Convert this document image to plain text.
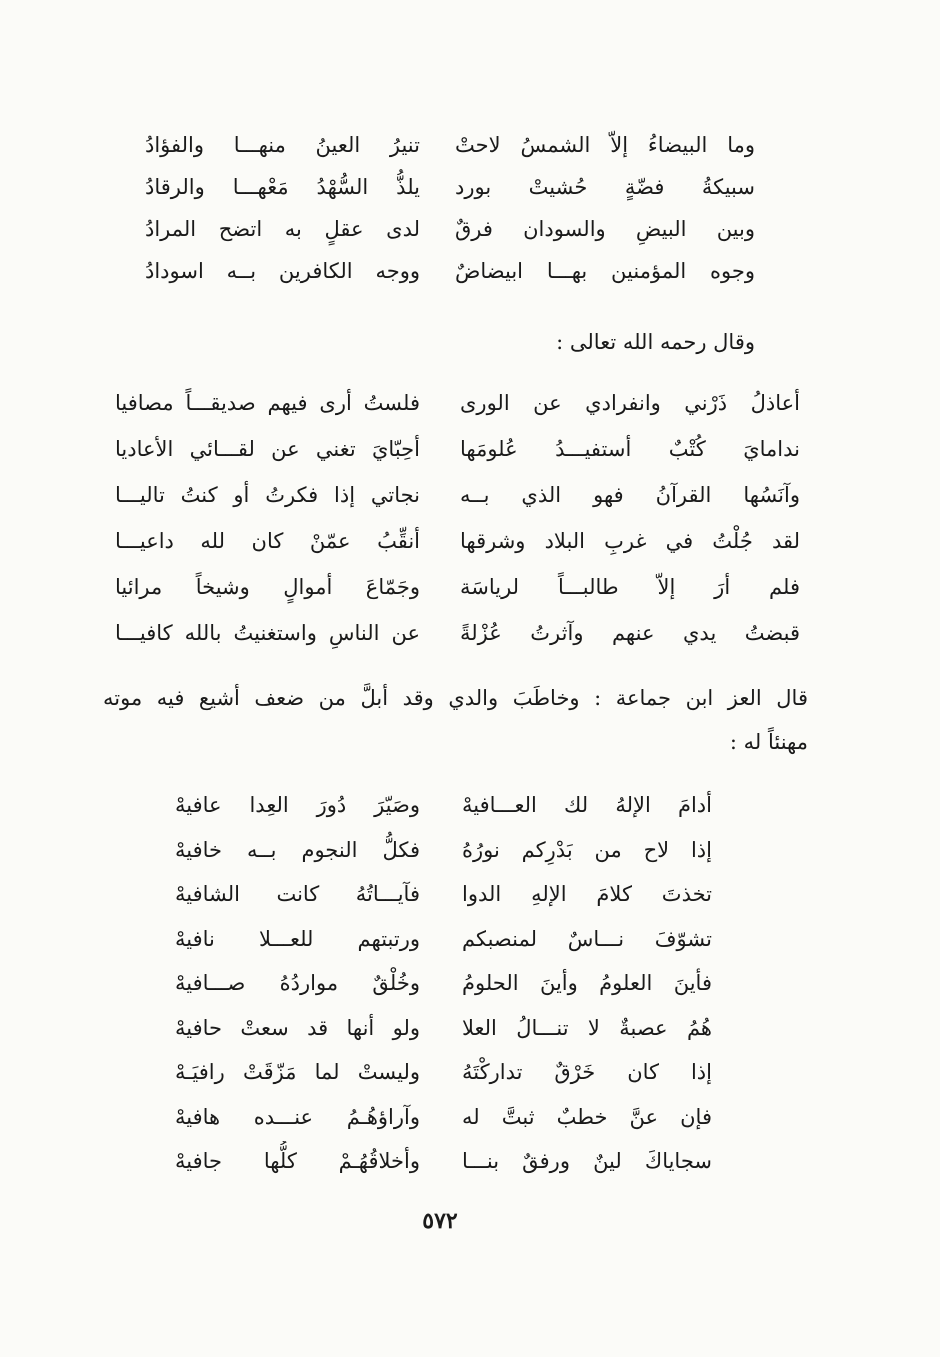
وما البيضاءُ إلاّ الشمسُ لاحتْ
تنيرُ العينُ منهـــا والفؤادُ
سبيكةُ فضّةٍ حُشيتْ بورد
يلذُّ السُّهْدُ مَعْهـــا والرقادُ
وبين البيضِ والسودان فرقٌ
لدى عقلٍ به اتضح المرادُ
وجوه المؤمنين بهـــا ابيضاضٌ
ووجه الكافرين بــه اسودادُ
وقال رحمه الله تعالى :
أعاذلُ ذَرْني وانفرادي عن الورى
فلستُ أرى فيهم صديقـــاً مصافيا
ندامايَ كُتْبٌ أستفيـــدُ عُلومَها
أحِبّايَ تغني عن لقـــائي الأعاديا
وآنَسُها القرآنُ فهو الذي بــه
نجاتي إذا فكرتُ أو كنتُ تاليـــا
لقد جُلْتُ في غربِ البلاد وشرقها
أنقِّبُ عمّنْ كان لله داعيـــا
فلم أرَ إلاّ طالبـــاً لرياسَة
وجَمّاعَ أموالٍ وشيخاً مرائيا
قبضتُ يدي عنهم وآثرتُ عُزْلةً
عن الناسِ واستغنيتُ بالله كافيـــا
قال العز ابن جماعة : وخاطَبَ والدي وقد أبلَّ من ضعف أشيع فيه موته
مهنئاً له :
أدامَ الإلهُ لك العـــافيهْ
وصَيّرَ دُورَ العِدا عافيهْ
إذا لاح من بَدْرِكم نورُهُ
فكلُّ النجوم بــه خافيهْ
تخذتَ كلامَ الإلهِ الدوا
فآيـــاتُهُ كانت الشافيهْ
تشوّفَ نـــاسٌ لمنصبكم
ورتبتهم للعـــلا نافيهْ
فأينَ العلومُ وأينَ الحلومُ
وخُلْقٌ مواردُهُ صـــافيهْ
هُمُ عصبةٌ لا تنـــالُ العلا
ولو أنها قد سعتْ حافيهْ
إذا كان خَرْقٌ تداركْتَهُ
وليستْ لما مَزّقَتْ رافيَـهْ
فإن عنَّ خطبٌ ثبتَّ له
وآراؤهُـمُ عنـــده هافيهْ
سجاياكَ لينٌ ورفقٌ بنـــا
وأخلاقُهُـمْ كلُّها جافيهْ
٥٧٢
